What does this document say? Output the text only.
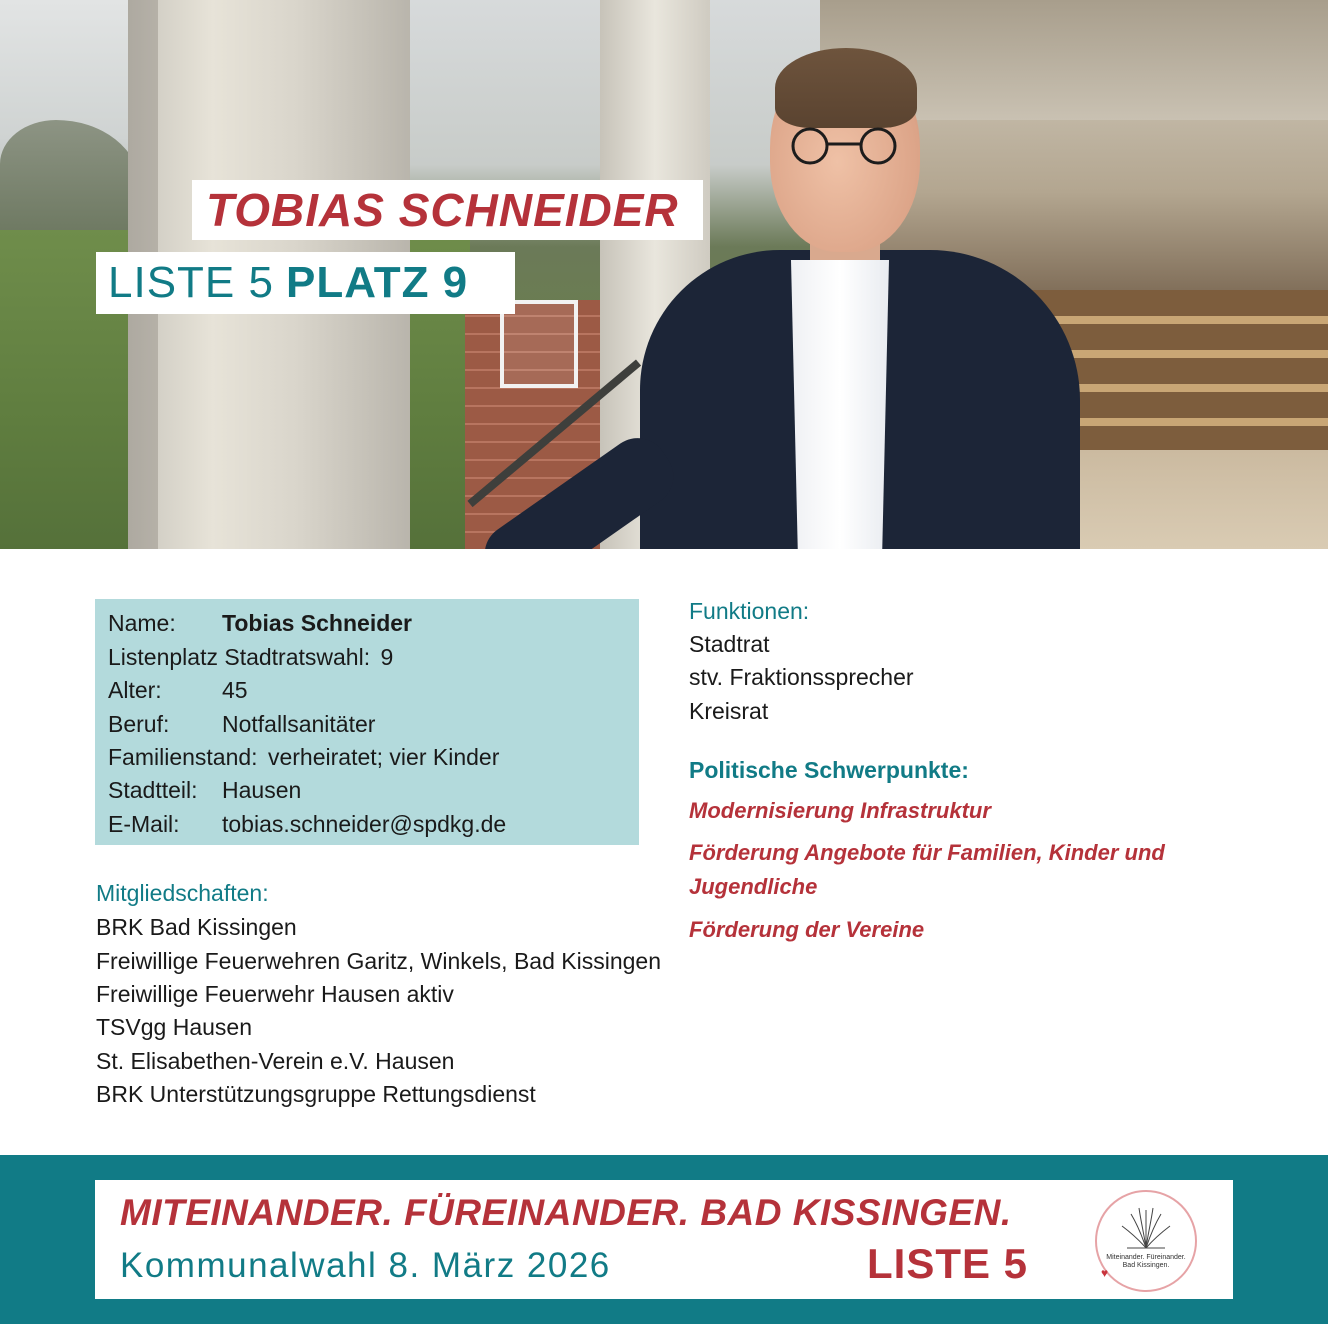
TOBIAS SCHNEIDER
LISTE 5 PLATZ 9
Name: Tobias Schneider
Listenplatz Stadtratswahl: 9
Alter:	45
Beruf: Notfallsanitäter
Familienstand: verheiratet; vier Kinder
Stadtteil: Hausen
E-Mail: tobias.schneider@spdkg.de
Mitgliedschaften:
BRK Bad Kissingen
Freiwillige Feuerwehren Garitz, Winkels, Bad Kissingen
Freiwillige Feuerwehr Hausen aktiv
TSVgg Hausen
St. Elisabethen-Verein e.V. Hausen
BRK Unterstützungsgruppe Rettungsdienst
Funktionen:
Stadtrat
stv. Fraktionssprecher
Kreisrat
Politische Schwerpunkte:
Modernisierung Infrastruktur
Förderung Angebote für Familien, Kinder und
Jugendliche
Förderung der Vereine
MITEINANDER. FÜREINANDER. BAD KISSINGEN.
Kommunalwahl 8. März 2026	LISTE 5	Miteinander. Füreinander.
Bad Kissingen.
♥
